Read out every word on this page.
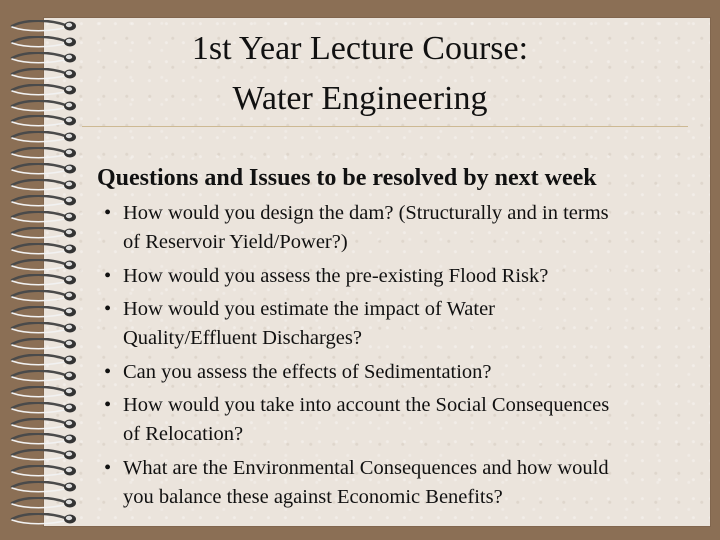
1st Year Lecture Course:
Water Engineering
Questions and Issues to be resolved by next week
• How would you design the dam? (Structurally and in terms
of Reservoir Yield/Power?)
• How would you assess the pre-existing Flood Risk?
• How would you estimate the impact of Water
Quality/Effluent Discharges?
• Can you assess the effects of Sedimentation?
• How would you take into account the Social Consequences
of Relocation?
• What are the Environmental Consequences and how would
you balance these against Economic Benefits?
